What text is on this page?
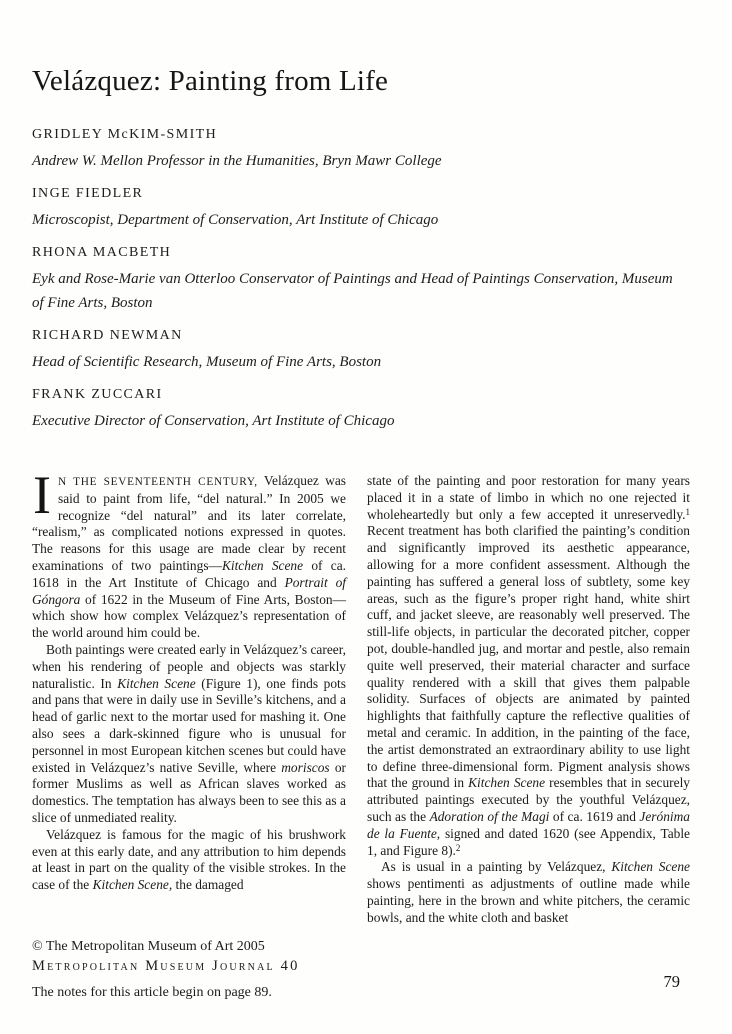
Velázquez: Painting from Life
GRIDLEY McKIM-SMITH

Andrew W. Mellon Professor in the Humanities, Bryn Mawr College

INGE FIEDLER

Microscopist, Department of Conservation, Art Institute of Chicago

RHONA MACBETH

Eyk and Rose-Marie van Otterloo Conservator of Paintings and Head of Paintings Conservation, Museum of Fine Arts, Boston

RICHARD NEWMAN

Head of Scientific Research, Museum of Fine Arts, Boston

FRANK ZUCCARI

Executive Director of Conservation, Art Institute of Chicago

I N THE SEVENTEENTH CENTURY, Velázquez was said to paint from life, “del natural.” In 2005 we recognize “del natural” and its later correlate, “realism,” as complicated notions expressed in quotes. The reasons for this usage are made clear by recent examinations of two paintings—Kitchen Scene of ca. 1618 in the Art Institute of Chicago and Portrait of Góngora of 1622 in the Museum of Fine Arts, Boston—which show how complex Velázquez’s representation of the world around him could be.

Both paintings were created early in Velázquez’s career, when his rendering of people and objects was starkly naturalistic. In Kitchen Scene (Figure 1), one finds pots and pans that were in daily use in Seville’s kitchens, and a head of garlic next to the mortar used for mashing it. One also sees a dark-skinned figure who is unusual for personnel in most European kitchen scenes but could have existed in Velázquez’s native Seville, where moriscos or former Muslims as well as African slaves worked as domestics. The temptation has always been to see this as a slice of unmediated reality.

Velázquez is famous for the magic of his brushwork even at this early date, and any attribution to him depends at least in part on the quality of the visible strokes. In the case of the Kitchen Scene, the damaged

state of the painting and poor restoration for many years placed it in a state of limbo in which no one rejected it wholeheartedly but only a few accepted it unreservedly.$^1$ Recent treatment has both clarified the painting’s condition and significantly improved its aesthetic appearance, allowing for a more confident assessment. Although the painting has suffered a general loss of subtlety, some key areas, such as the figure’s proper right hand, white shirt cuff, and jacket sleeve, are reasonably well preserved. The still-life objects, in particular the decorated pitcher, copper pot, double-handled jug, and mortar and pestle, also remain quite well preserved, their material character and surface quality rendered with a skill that gives them palpable solidity. Surfaces of objects are animated by painted highlights that faithfully capture the reflective qualities of metal and ceramic. In addition, in the painting of the face, the artist demonstrated an extraordinary ability to use light to define three-dimensional form. Pigment analysis shows that the ground in Kitchen Scene resembles that in securely attributed paintings executed by the youthful Velázquez, such as the Adoration of the Magi of ca. 1619 and Jerónima de la Fuente, signed and dated 1620 (see Appendix, Table 1, and Figure 8).$^2$

As is usual in a painting by Velázquez, Kitchen Scene shows pentimenti as adjustments of outline made while painting, here in the brown and white pitchers, the ceramic bowls, and the white cloth and basket

© The Metropolitan Museum of Art 2005
Metropolitan Museum Journal 40
The notes for this article begin on page 89.
79
